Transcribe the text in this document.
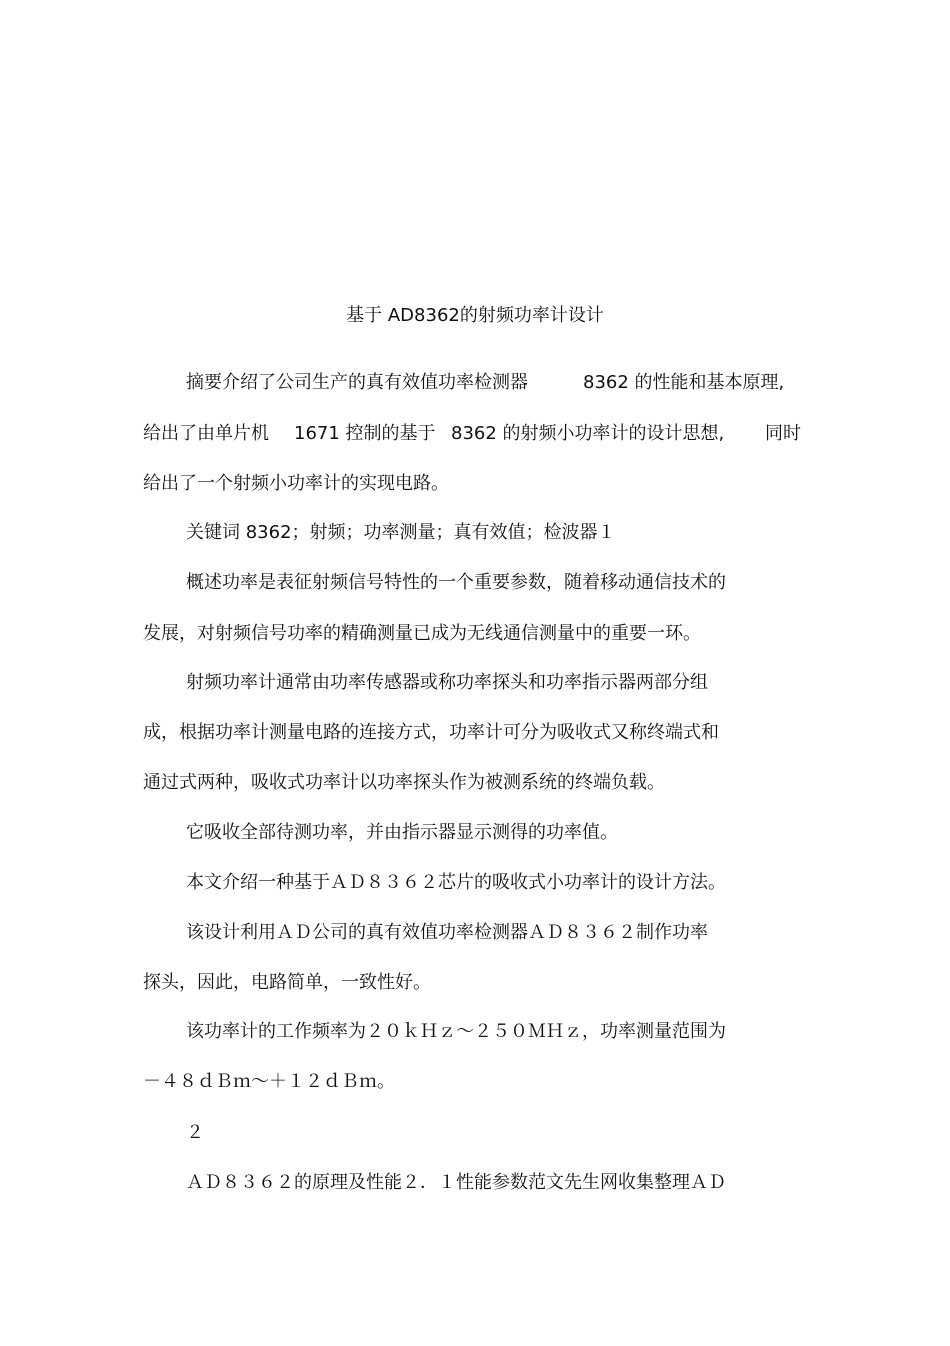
基于 AD8362的射频功率计设计
摘要介绍了公司生产的真有效值功率检测器	8362 的性能和基本原理,
给出了由单片机 1671 控制的基于 8362 的射频小功率计的设计思想, 同时
给出了一个射频小功率计的实现电路。
关键词 8362；射频；功率测量；真有效值；检波器１
概述功率是表征射频信号特性的一个重要参数，随着移动通信技术的
发展，对射频信号功率的精确测量已成为无线通信测量中的重要一环。
射频功率计通常由功率传感器或称功率探头和功率指示器两部分组
成，根据功率计测量电路的连接方式，功率计可分为吸收式又称终端式和
通过式两种，吸收式功率计以功率探头作为被测系统的终端负载。
它吸收全部待测功率，并由指示器显示测得的功率值。
本文介绍一种基于ＡＤ８３６２芯片的吸收式小功率计的设计方法。
该设计利用ＡＤ公司的真有效值功率检测器ＡＤ８３６２制作功率
探头，因此，电路简单，一致性好。
该功率计的工作频率为２０ｋＨｚ～２５０ＭＨｚ，功率测量范围为
－４８ｄＢｍ～＋１２ｄＢｍ。
２
ＡＤ８３６２的原理及性能２．１性能参数范文先生网收集整理ＡＤ
